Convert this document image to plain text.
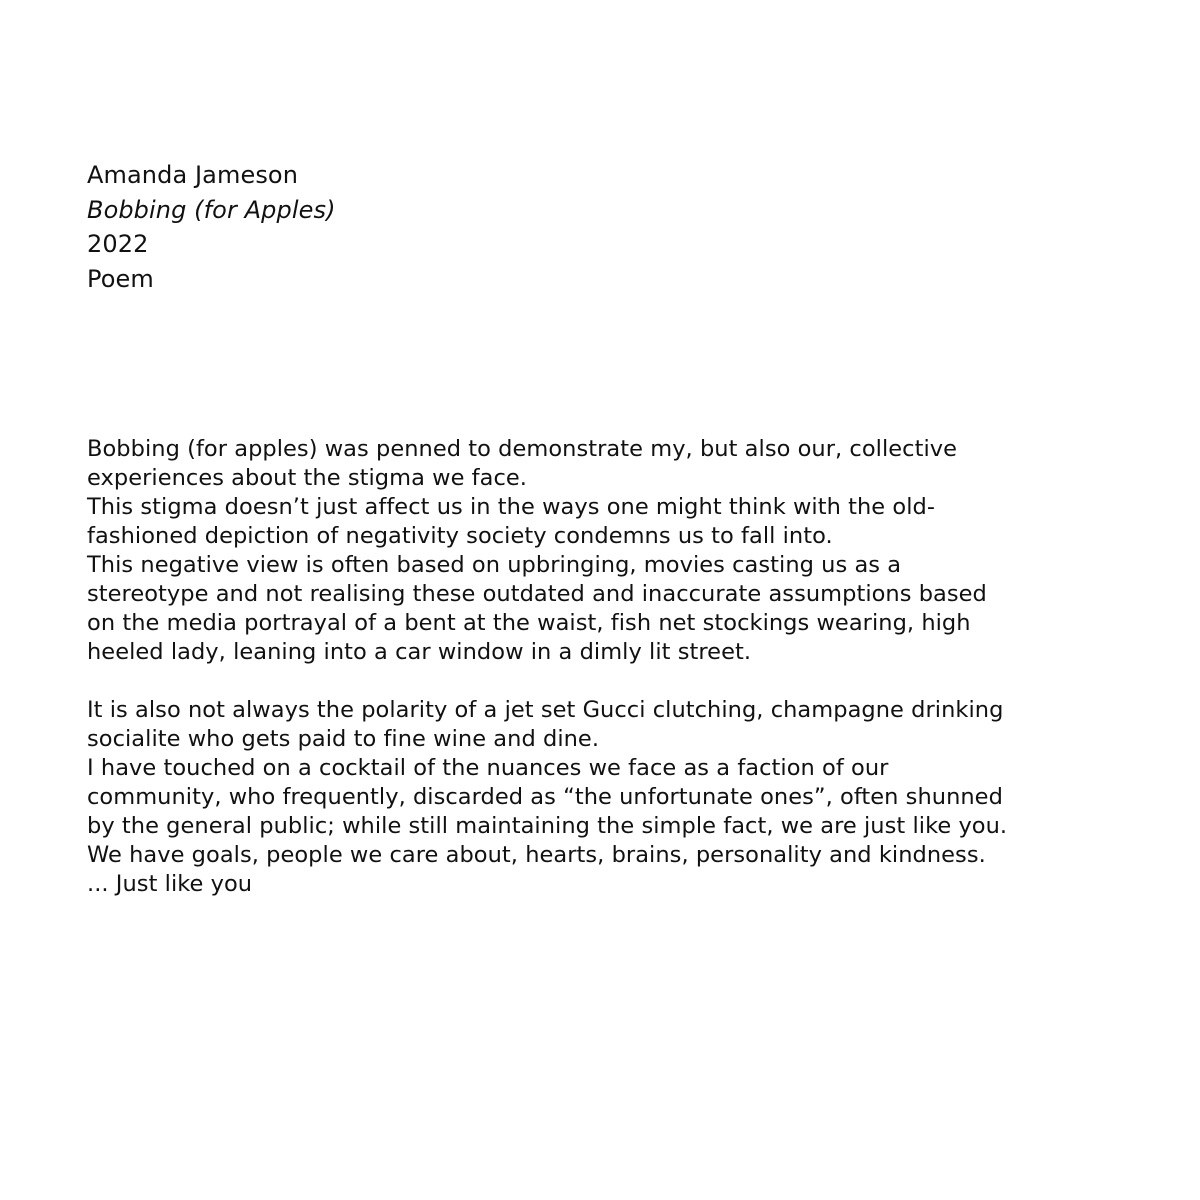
Amanda Jameson
Bobbing (for Apples)
2022
Poem
Bobbing (for apples) was penned to demonstrate my, but also our, collective
experiences about the stigma we face.
This stigma doesn’t just affect us in the ways one might think with the old-
fashioned depiction of negativity society condemns us to fall into.
This negative view is often based on upbringing, movies casting us as a
stereotype and not realising these outdated and inaccurate assumptions based
on the media portrayal of a bent at the waist, fish net stockings wearing, high
heeled lady, leaning into a car window in a dimly lit street.
It is also not always the polarity of a jet set Gucci clutching, champagne drinking
socialite who gets paid to fine wine and dine.
I have touched on a cocktail of the nuances we face as a faction of our
community, who frequently, discarded as “the unfortunate ones”, often shunned
by the general public; while still maintaining the simple fact, we are just like you.
We have goals, people we care about, hearts, brains, personality and kindness.
... Just like you
